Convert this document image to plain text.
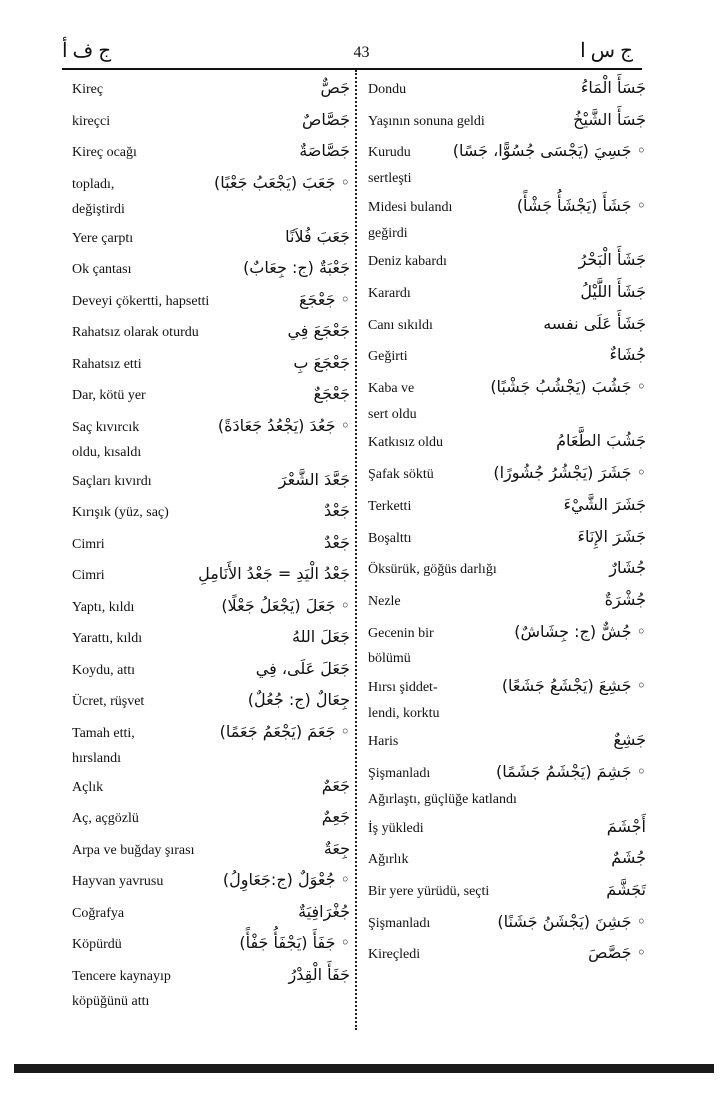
ج ف أ	43	ج س ا
Kireç	جَصٌّ
kireçci	جَصَّاصٌ
Kireç ocağı	جَصَّاصَةٌ
topladı,	◦ جَعَبَ (يَجْعَبُ جَعْبًا)
değiştirdi
Yere çarptı	جَعَبَ فُلاَنًا
Ok çantası	جَعْبَةٌ (ج: جِعَابٌ)
Deveyi çökertti, hapsetti	◦ جَعْجَعَ
Rahatsız olarak oturdu	جَعْجَعَ فِي
Rahatsız etti	جَعْجَعَ بِ
Dar, kötü yer	جَعْجَعٌ
Saç kıvırcık	◦ جَعُدَ (يَجْعُدُ جَعَادَةً)
oldu, kısaldı
Saçları kıvırdı	جَعَّدَ الشَّعْرَ
Kırışık (yüz, saç)	جَعْدٌ
Cimri	جَعْدٌ
Cimri	جَعْدُ الْيَدِ = جَعْدُ الأَنَامِلِ
Yaptı, kıldı	◦ جَعَلَ (يَجْعَلُ جَعْلًا)
Yarattı, kıldı	جَعَلَ اللهُ
Koydu, attı	جَعَلَ عَلَى، فِي
Ücret, rüşvet	جِعَالٌ (ج: جُعُلٌ)
Tamah etti,	◦ جَعَمَ (يَجْعَمُ جَعَمًا)
hırslandı
Açlık	جَعَمٌ
Aç, açgözlü	جَعِمٌ
Arpa ve buğday şırası	جِعَةٌ
Hayvan yavrusu	◦ جُعْوَلٌ (ج:جَعَاوِلُ)
Coğrafya	جُغْرَافِيَةٌ
Köpürdü	◦ جَفَأَ (يَجْفَأُ جَفْأً)
Tencere kaynayıp	جَفَأَ الْقِدْرُ
köpüğünü attı
Dondu	جَسَأَ الْمَاءُ
Yaşının sonuna geldi	جَسَأَ الشَّيْخُ
Kurudu	◦ جَسِيَ (يَجْسَى جُسُوًّا، جَسًا)
sertleşti
Midesi bulandı	◦ جَشَأَ (يَجْشَأُ جَشْأً)
geğirdi
Deniz kabardı	جَشَأَ الْبَحْرُ
Karardı	جَشَأَ اللَّيْلُ
Canı sıkıldı	جَشَأَ عَلَى نفسه
Geğirti	جُشَاءٌ
Kaba ve	◦ جَشُبَ (يَجْشُبُ جَشْبًا)
sert oldu
Katkısız oldu	جَشُبَ الطَّعَامُ
Şafak söktü	◦ جَشَرَ (يَجْشُرُ جُشُورًا)
Terketti	جَشَرَ الشَّيْءَ
Boşalttı	جَشَرَ الإِنَاءَ
Öksürük, göğüs darlığı	جُشَارٌ
Nezle	جُشْرَةٌ
Gecenin bir	◦ جُشٌّ (ج: جِشَاشٌ)
bölümü
Hırsı şiddet-	◦ جَشِعَ (يَجْشَعُ جَشَعًا)
lendi, korktu
Haris	جَشِعٌ
Şişmanladı	◦ جَشِمَ (يَجْشَمُ جَشَمًا)
Ağırlaştı, güçlüğe katlandı
İş yükledi	أَجْشَمَ
Ağırlık	جُشَمٌ
Bir yere yürüdü, seçti	تَجَشَّمَ
Şişmanladı	◦ جَشِنَ (يَجْشَنُ جَشَنًا)
Kireçledi	◦ جَصَّصَ
